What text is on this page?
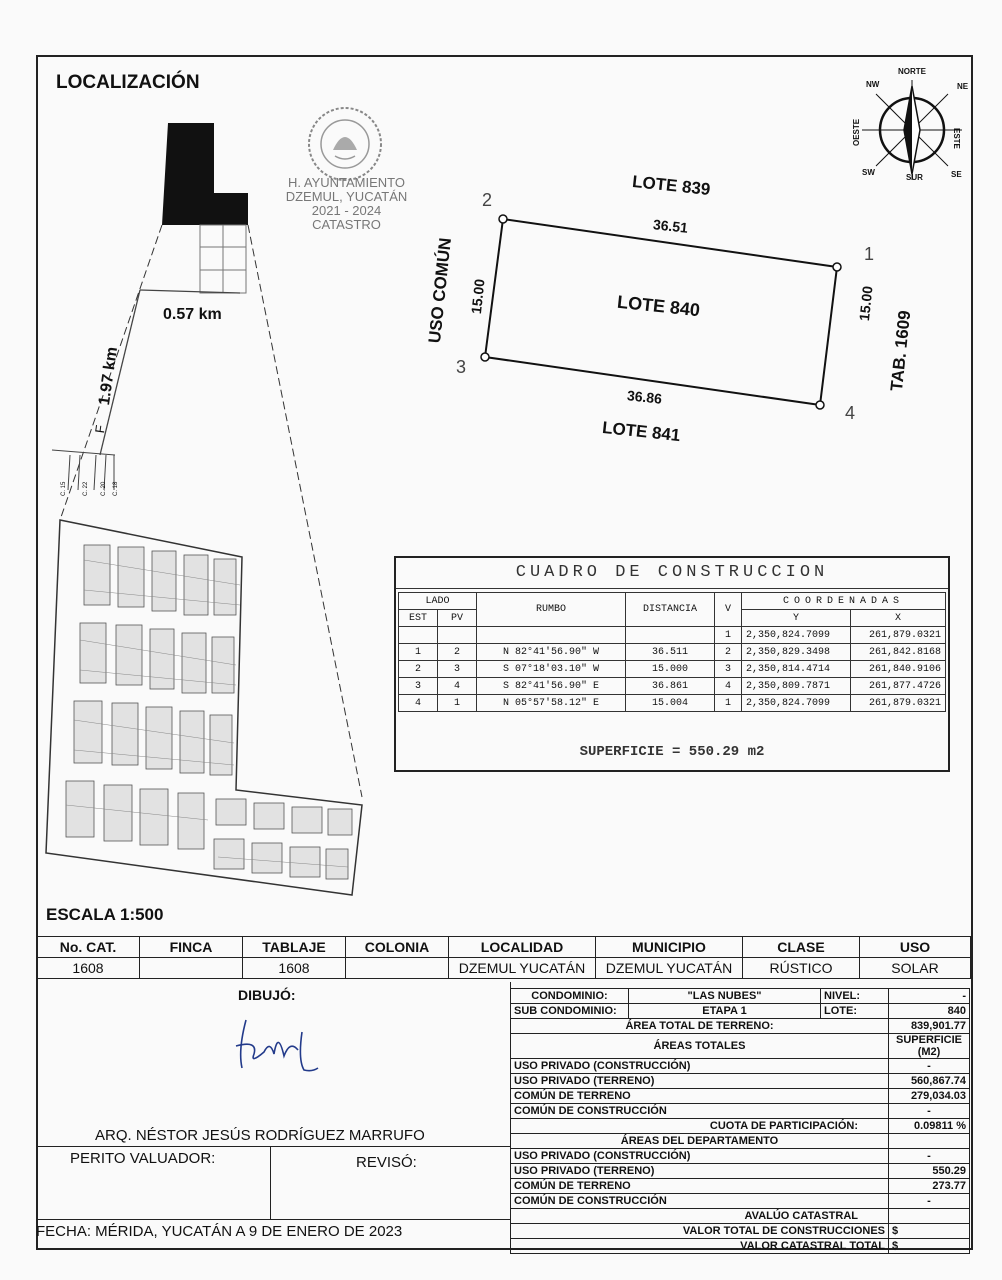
LOCALIZACIÓN
H. AYUNTAMIENTO
DZEMUL, YUCATÁN
2021 - 2024
CATASTRO
NORTE
SUR
ESTE
OESTE
NE
NW
SE
SW
0.57 km
1.97 km
F
C. 15	C. 22 C. 20 C. 18
2
1
3
4
LOTE 839
36.51
LOTE 840
36.86
LOTE 841
USO COMÚN 15.00	15.00
TAB. 1609
CUADRO DE CONSTRUCCION
LADO		RUMBO	DISTANCIA	V	COORDENADAS	
EST	PV				Y	X
				1	2,350,824.7099	261,879.0321
1	2	N 82°41'56.90" W	36.511	2	2,350,829.3498	261,842.8168
2	3	S 07°18'03.10" W	15.000	3	2,350,814.4714	261,840.9106
3	4	S 82°41'56.90" E	36.861	4	2,350,809.7871	261,877.4726
4	1	N 05°57'58.12" E	15.004	1	2,350,824.7099	261,879.0321
SUPERFICIE = 550.29 m2
ESCALA 1:500
No. CAT.	FINCA	TABLAJE	COLONIA	LOCALIDAD	MUNICIPIO	CLASE	USO
1608		1608		DZEMUL YUCATÁN	DZEMUL YUCATÁN	RÚSTICO	SOLAR
DIBUJÓ:
ARQ. NÉSTOR JESÚS RODRÍGUEZ MARRUFO
PERITO VALUADOR:	REVISÓ:
FECHA: MÉRIDA, YUCATÁN A 9 DE ENERO DE 2023
CONDOMINIO:	"LAS NUBES"	NIVEL:	-
SUB CONDOMINIO:	ETAPA 1	LOTE:	840
ÁREA TOTAL DE TERRENO:			839,901.77
ÁREAS TOTALES			SUPERFICIE (M2)
USO PRIVADO (CONSTRUCCIÓN)			-
USO PRIVADO (TERRENO)			560,867.74
COMÚN DE TERRENO			279,034.03
COMÚN DE CONSTRUCCIÓN			-
CUOTA DE PARTICIPACIÓN:			0.09811 %
ÁREAS DEL DEPARTAMENTO			
USO PRIVADO (CONSTRUCCIÓN)			-
USO PRIVADO (TERRENO)			550.29
COMÚN DE TERRENO			273.77
COMÚN DE CONSTRUCCIÓN			-
AVALÚO CATASTRAL			
VALOR TOTAL DE CONSTRUCCIONES			$
VALOR CATASTRAL TOTAL			$
